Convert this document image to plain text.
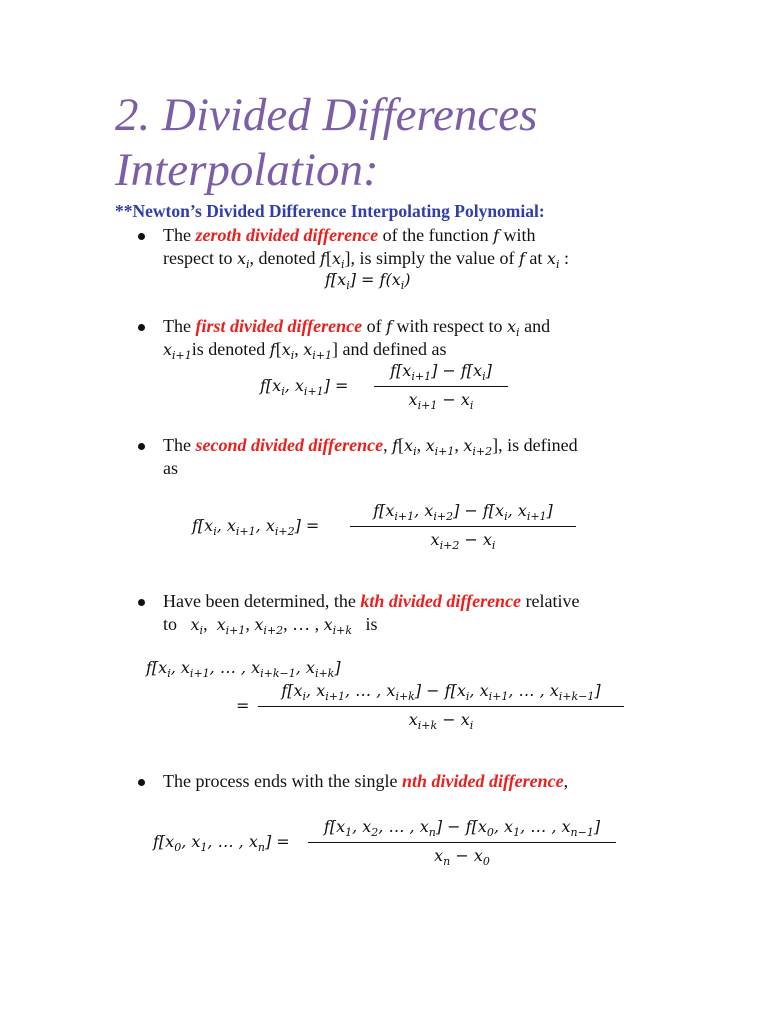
2. Divided Differences
Interpolation:
**Newton’s Divided Difference Interpolating Polynomial:
The zeroth divided difference of the function f with
respect to $x_i$, denoted $f[x_i]$, is simply the value of f at $x_i$ :
$f[x_i] = f(x_i)$
The first divided difference of f with respect to $x_i$ and
$x_{i+1}is$ denoted $f[x_i$, $x_{i+1}$] and defined as
$f[x_i$, $x_{i+1}$] =
$f[x_{i+1}] - f[x_i]$
$x_{i+1} - x_i$
The second divided difference, $f[x_i$, $x_{i+1}$, $x_{i+2}$], is defined
as
$f[x_i$, $x_{i+1}$, $x_{i+2}$] =
$f[x_{i+1}$, $x_{i+2}] - f[x_i$, $x_{i+1}$]
$x_{i+2} - x_i$
Have been determined, the kth divided difference relative
to $x_i$,  $x_{i+1}$, $x_{i+2}$, … , $x_{i+k}$ is
$f[x_i$, $x_{i+1}$, … , $x_{i+k-1}$, $x_{i+k}$]
=
$f[x_i$, $x_{i+1}$, … , $x_{i+k}] - f[x_i$, $x_{i+1}$, … , $x_{i+k-1}$]
$x_{i+k} - x_i$
The process ends with the single nth divided difference,
$f[x_0$, $x_1$, … , $x_n$] =
$f[x_1$, $x_2$, … , $x_n] - f[x_0$, $x_1$, … , $x_{n-1}$]
$x_n - x_0$
